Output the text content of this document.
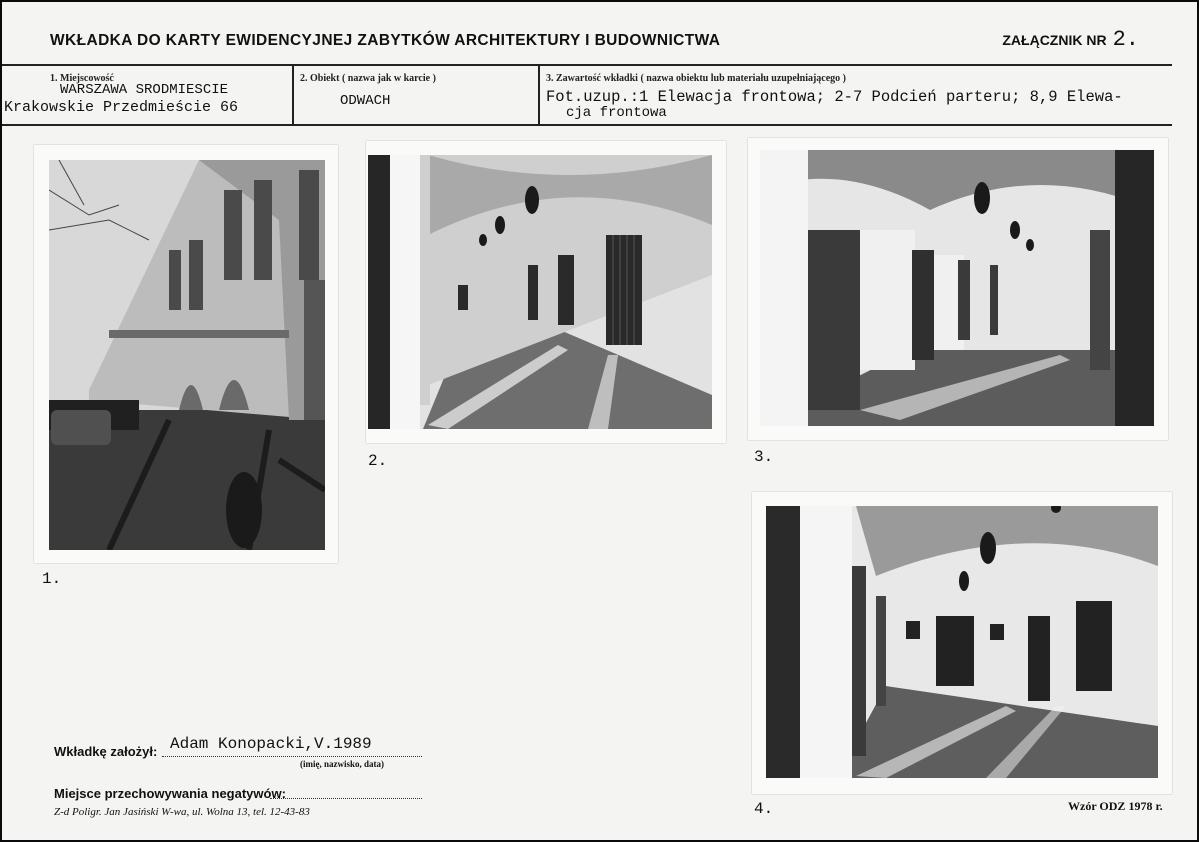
WKŁADKA DO KARTY EWIDENCYJNEJ ZABYTKÓW ARCHITEKTURY I BUDOWNICTWA	ZAŁĄCZNIK NR 2.
1. Miejscowość
WARSZAWA SRODMIESCIE
Krakowskie Przedmieście 66
2. Obiekt ( nazwa jak w karcie )
ODWACH
3. Zawartość wkładki ( nazwa obiektu lub materiału uzupełniającego )
Fot.uzup.:1 Elewacja frontowa; 2-7 Podcień parteru; 8,9 Elewa-
cja frontowa
1.
2.	3.
4.
Wkładkę założył: Adam Konopacki,V.1989
(imię, nazwisko, data)
Miejsce przechowywania negatywów:
Z-d Poligr. Jan Jasiński W-wa, ul. Wolna 13, tel. 12-43-83	Wzór ODZ 1978 r.
